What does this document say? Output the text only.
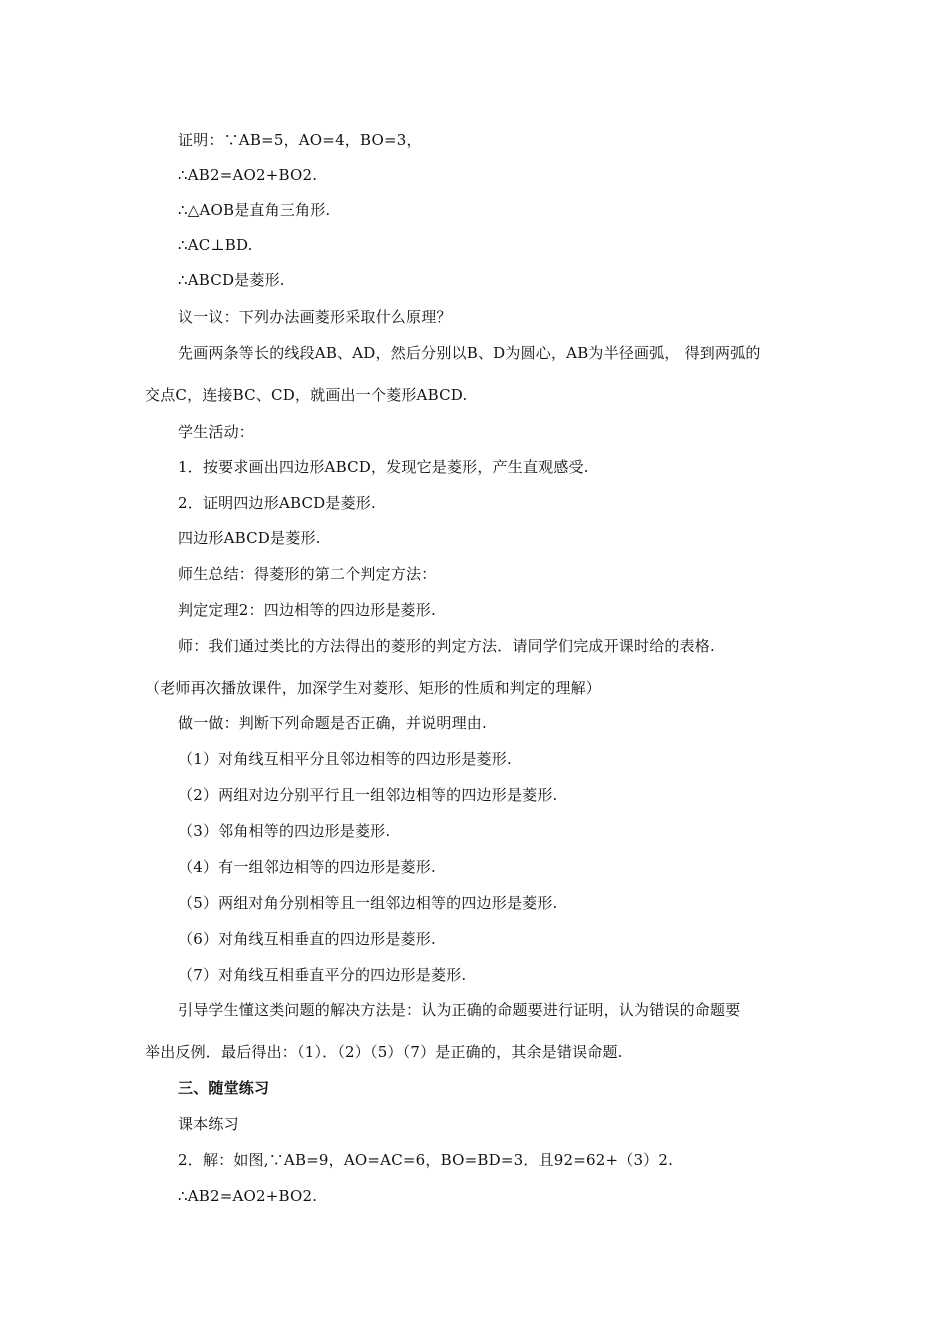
证明：∵AB=5，AO=4，BO=3，
∴AB2=AO2+BO2.
∴△AOB是直角三角形.
∴AC⊥BD.
∴ABCD是菱形.
议一议：下列办法画菱形采取什么原理？
先画两条等长的线段AB、AD，然后分别以B、D为圆心，AB为半径画弧， 得到两弧的
交点C，连接BC、CD，就画出一个菱形ABCD.
学生活动：
1．按要求画出四边形ABCD，发现它是菱形，产生直观感受.
2．证明四边形ABCD是菱形.
四边形ABCD是菱形.
师生总结：得菱形的第二个判定方法：
判定定理2：四边相等的四边形是菱形.
师：我们通过类比的方法得出的菱形的判定方法．请同学们完成开课时给的表格.
（老师再次播放课件，加深学生对菱形、矩形的性质和判定的理解）
做一做：判断下列命题是否正确，并说明理由.
（1）对角线互相平分且邻边相等的四边形是菱形.
（2）两组对边分别平行且一组邻边相等的四边形是菱形.
（3）邻角相等的四边形是菱形.
（4）有一组邻边相等的四边形是菱形.
（5）两组对角分别相等且一组邻边相等的四边形是菱形.
（6）对角线互相垂直的四边形是菱形.
（7）对角线互相垂直平分的四边形是菱形.
引导学生懂这类问题的解决方法是：认为正确的命题要进行证明，认为错误的命题要
举出反例．最后得出：（1）．（2）（5）（7）是正确的，其余是错误命题.
三、随堂练习
课本练习
2．解：如图,∵AB=9，AO=AC=6，BO=BD=3．且92=62+（3）2.
∴AB2=AO2+BO2.
